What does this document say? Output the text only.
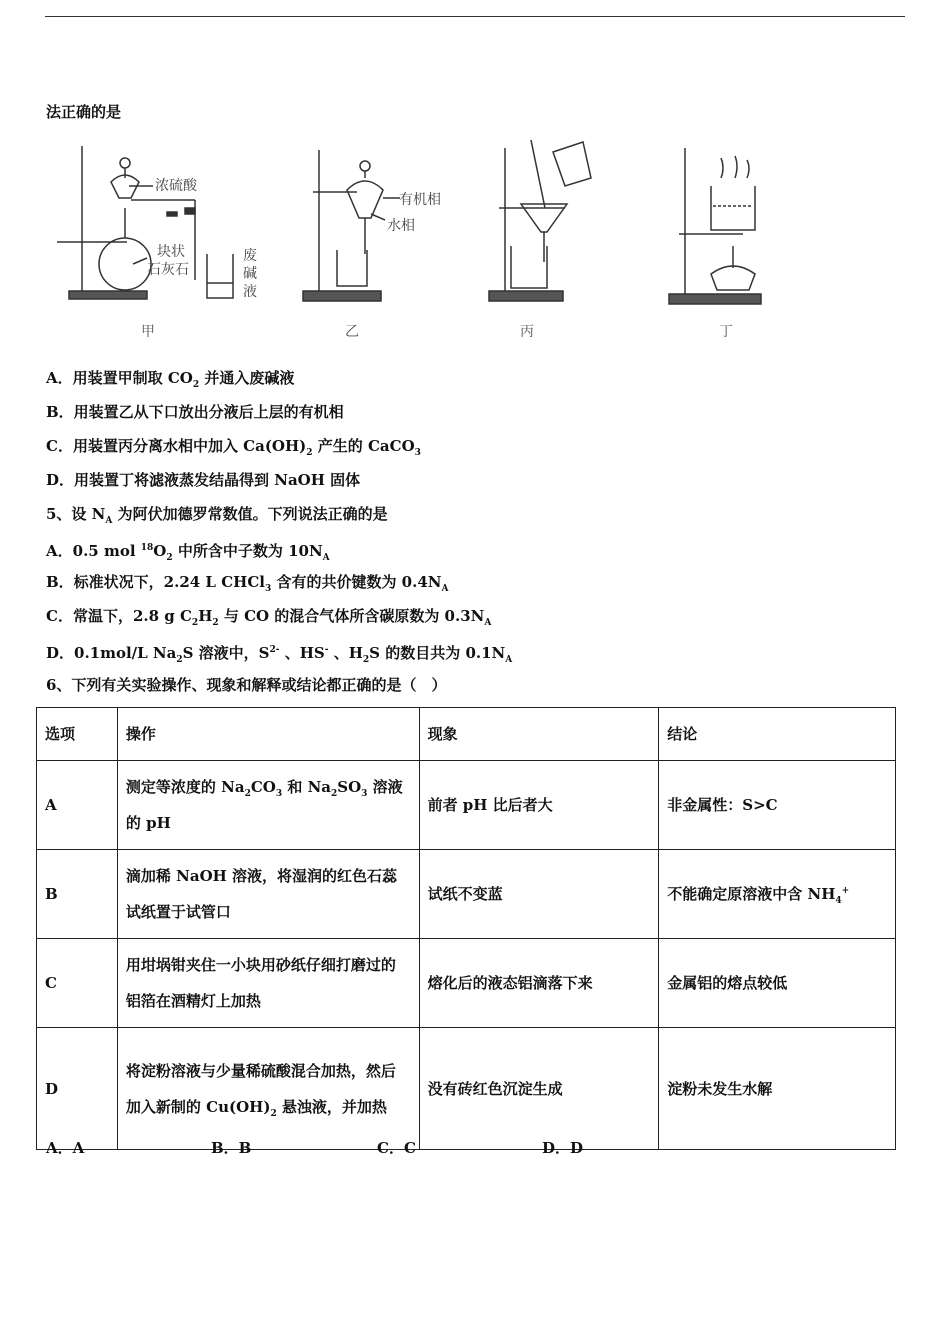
法正确的是
浓硫酸
块状
石灰石
废
碱
液
有机相
水相
甲	乙	丙	丁
A．用装置甲制取 $CO_2$ 并通入废碱液
B．用装置乙从下口放出分液后上层的有机相
C．用装置丙分离水相中加入 $Ca(OH)_2$ 产生的 CaCO$_3$
D．用装置丁将滤液蒸发结晶得到 NaOH 固体
5、设 $N_A$ 为阿伏加德罗常数值。下列说法正确的是
A．0.5 mol $^{18}O_2$ 中所含中子数为 $10N_A$
B．标准状况下，2.24 L CHCl$_3$ 含有的共价键数为 $0.4N_A$
C．常温下，2.8 g $C_2H_2$ 与 CO 的混合气体所含碳原数为 $0.3N_A$
D．0.1mol/L $Na_2S$ 溶液中，$S^{2-}$ 、HS- 、$H_2S$ 的数目共为 $0.1N_A$
6、下列有关实验操作、现象和解释或结论都正确的是（　）
选项	操作	现象	结论
A	测定等浓度的 $Na_2CO_3$ 和 $Na_2SO_3$ 溶液的 pH	前者 pH 比后者大	非金属性：S>C
B	滴加稀 NaOH 溶液，将湿润的红色石蕊试纸置于试管口	试纸不变蓝	不能确定原溶液中含 $NH_4^+$
C	用坩埚钳夹住一小块用砂纸仔细打磨过的铝箔在酒精灯上加热	熔化后的液态铝滴落下来	金属铝的熔点较低
D	将淀粉溶液与少量稀硫酸混合加热，然后加入新制的 $Cu(OH)_2$ 悬浊液，并加热	没有砖红色沉淀生成	淀粉未发生水解
A．A	B．B	C．C	D．D
